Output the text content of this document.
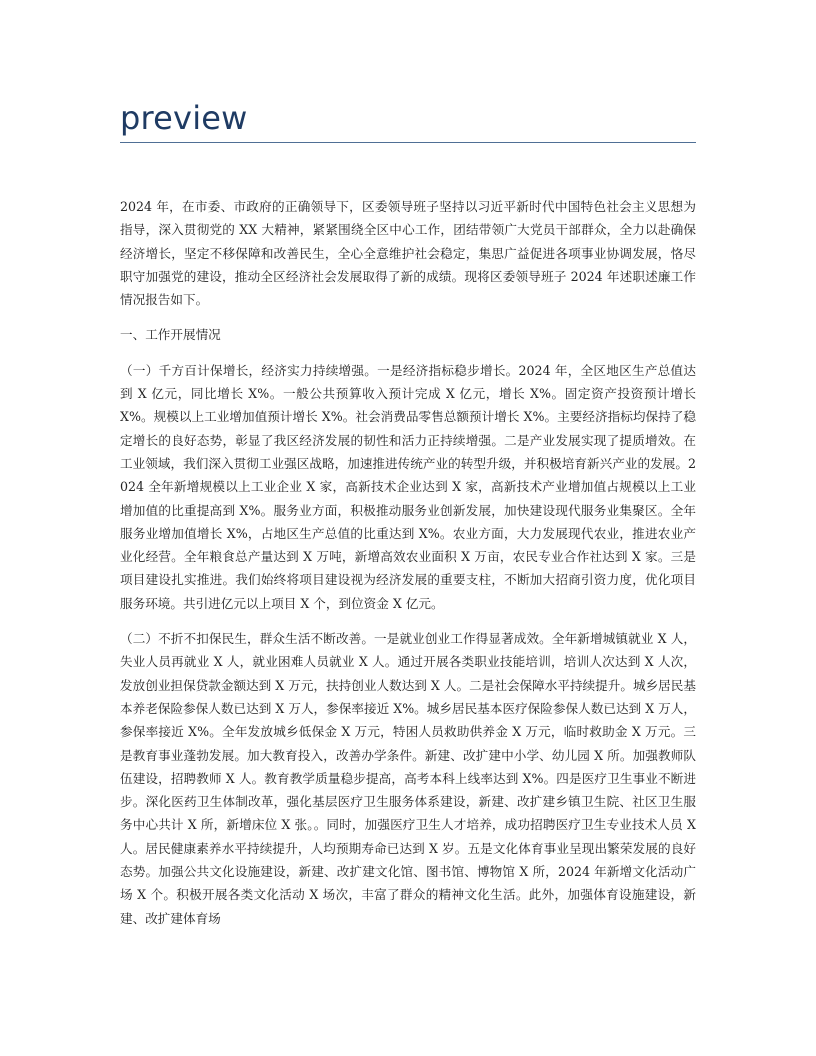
preview

2024 年，在市委、市政府的正确领导下，区委领导班子坚持以习近平新时代中国特色社会主义思想为指导，深入贯彻党的 XX 大精神，紧紧围绕全区中心工作，团结带领广大党员干部群众，全力以赴确保经济增长，坚定不移保障和改善民生，全心全意维护社会稳定，集思广益促进各项事业协调发展，恪尽职守加强党的建设，推动全区经济社会发展取得了新的成绩。现将区委领导班子 2024 年述职述廉工作情况报告如下。

一、工作开展情况

（一）千方百计保增长，经济实力持续增强。一是经济指标稳步增长。2024 年，全区地区生产总值达到 X 亿元，同比增长 X%。一般公共预算收入预计完成 X 亿元，增长 X%。固定资产投资预计增长 X%。规模以上工业增加值预计增长 X%。社会消费品零售总额预计增长 X%。主要经济指标均保持了稳定增长的良好态势，彰显了我区经济发展的韧性和活力正持续增强。二是产业发展实现了提质增效。在工业领域，我们深入贯彻工业强区战略，加速推进传统产业的转型升级，并积极培育新兴产业的发展。2024 全年新增规模以上工业企业 X 家，高新技术企业达到 X 家，高新技术产业增加值占规模以上工业增加值的比重提高到 X%。服务业方面，积极推动服务业创新发展，加快建设现代服务业集聚区。全年服务业增加值增长 X%，占地区生产总值的比重达到 X%。农业方面，大力发展现代农业，推进农业产业化经营。全年粮食总产量达到 X 万吨，新增高效农业面积 X 万亩，农民专业合作社达到 X 家。三是项目建设扎实推进。我们始终将项目建设视为经济发展的重要支柱，不断加大招商引资力度，优化项目服务环境。共引进亿元以上项目 X 个，到位资金 X 亿元。

（二）不折不扣保民生，群众生活不断改善。一是就业创业工作得显著成效。全年新增城镇就业 X 人，失业人员再就业 X 人，就业困难人员就业 X 人。通过开展各类职业技能培训，培训人次达到 X 人次，发放创业担保贷款金额达到 X 万元，扶持创业人数达到 X 人。二是社会保障水平持续提升。城乡居民基本养老保险参保人数已达到 X 万人，参保率接近 X%。城乡居民基本医疗保险参保人数已达到 X 万人，参保率接近 X%。全年发放城乡低保金 X 万元，特困人员救助供养金 X 万元，临时救助金 X 万元。三是教育事业蓬勃发展。加大教育投入，改善办学条件。新建、改扩建中小学、幼儿园 X 所。加强教师队伍建设，招聘教师 X 人。教育教学质量稳步提高，高考本科上线率达到 X%。四是医疗卫生事业不断进步。深化医药卫生体制改革，强化基层医疗卫生服务体系建设，新建、改扩建乡镇卫生院、社区卫生服务中心共计 X 所，新增床位 X 张。。同时，加强医疗卫生人才培养，成功招聘医疗卫生专业技术人员 X 人。居民健康素养水平持续提升，人均预期寿命已达到 X 岁。五是文化体育事业呈现出繁荣发展的良好态势。加强公共文化设施建设，新建、改扩建文化馆、图书馆、博物馆 X 所，2024 年新增文化活动广场 X 个。积极开展各类文化活动 X 场次，丰富了群众的精神文化生活。此外，加强体育设施建设，新建、改扩建体育场
